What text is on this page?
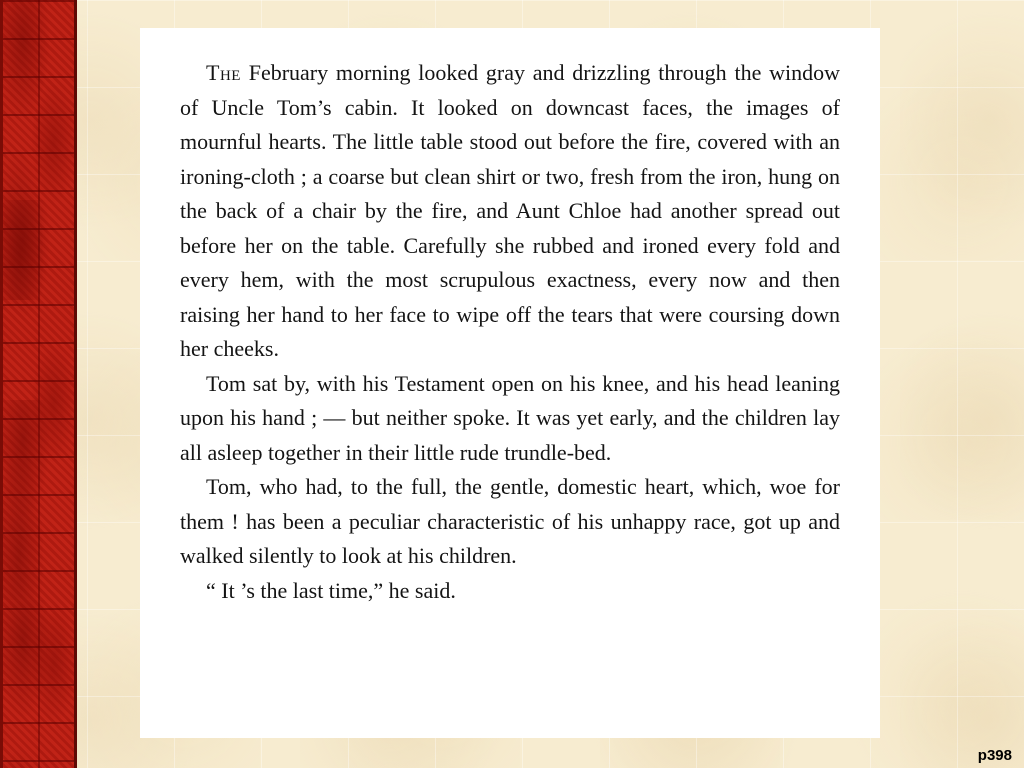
The February morning looked gray and drizzling through the window of Uncle Tom’s cabin. It looked on downcast faces, the images of mournful hearts. The little table stood out before the fire, covered with an ironing-cloth ; a coarse but clean shirt or two, fresh from the iron, hung on the back of a chair by the fire, and Aunt Chloe had another spread out before her on the table. Carefully she rubbed and ironed every fold and every hem, with the most scrupulous exactness, every now and then raising her hand to her face to wipe off the tears that were coursing down her cheeks.

Tom sat by, with his Testament open on his knee, and his head leaning upon his hand ; — but neither spoke. It was yet early, and the children lay all asleep together in their little rude trundle-bed.

Tom, who had, to the full, the gentle, domestic heart, which, woe for them ! has been a peculiar characteristic of his unhappy race, got up and walked silently to look at his children.

“ It ’s the last time,” he said.

p398
